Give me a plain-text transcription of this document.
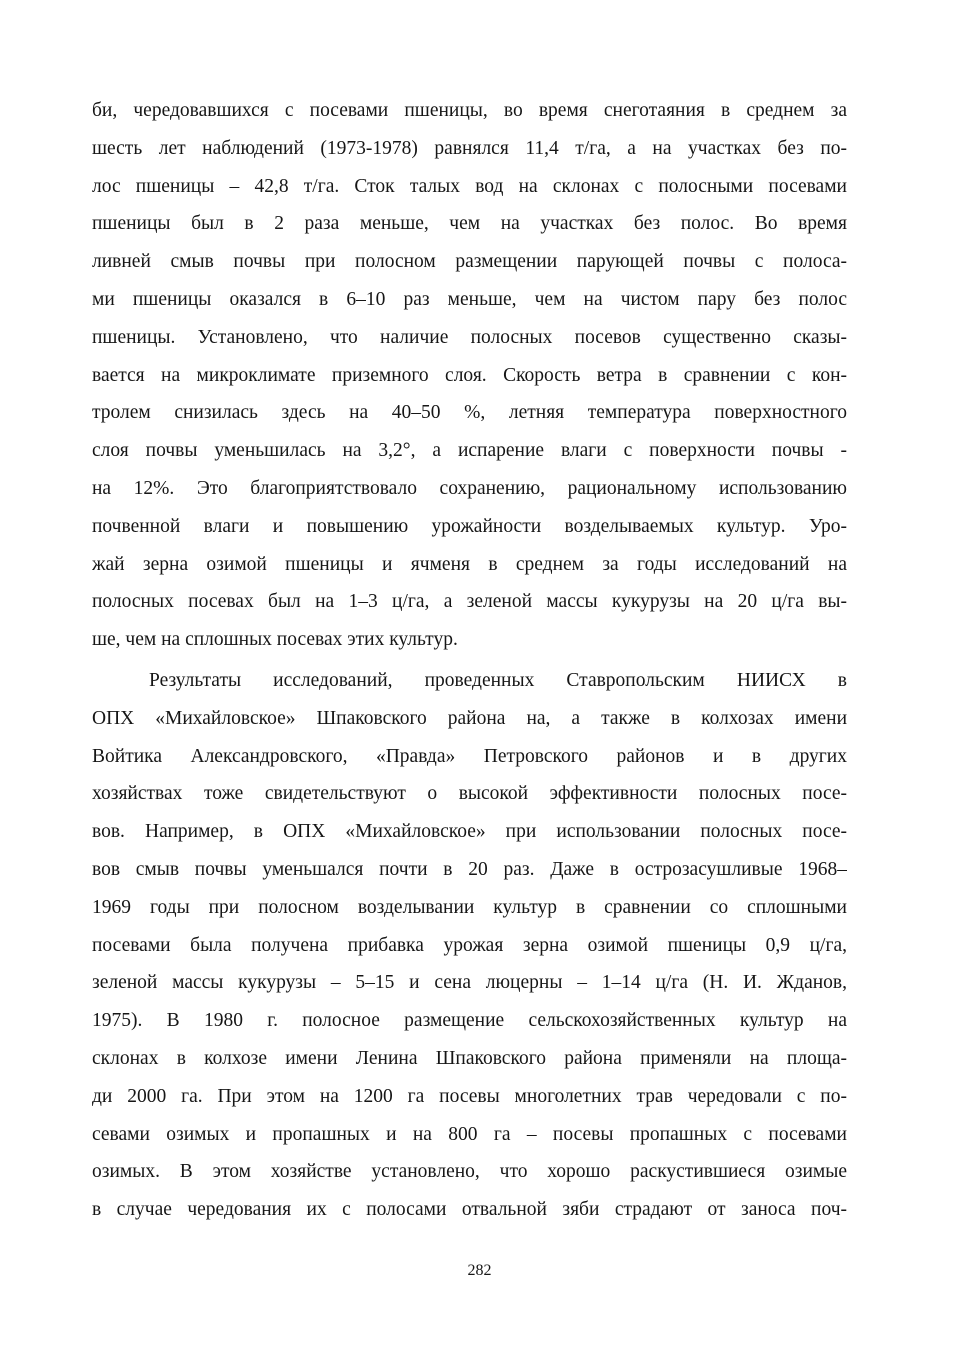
би, чередовавшихся с посевами пшеницы, во время снеготаяния в среднем за
шесть лет наблюдений (1973-1978) равнялся 11,4 т/га, а на участках без по-
лос пшеницы – 42,8 т/га. Сток талых вод на склонах с полосными посевами
пшеницы был в 2 раза меньше, чем на участках без полос. Во время
ливней смыв почвы при полосном размещении парующей почвы с полоса-
ми пшеницы оказался в 6–10 раз меньше, чем на чистом пару без полос
пшеницы. Установлено, что наличие полосных посевов существенно сказы-
вается на микроклимате приземного слоя. Скорость ветра в сравнении с кон-
тролем снизилась здесь на 40–50 %, летняя температура поверхностного
слоя почвы уменьшилась на 3,2°, а испарение влаги с поверхности почвы -
на 12%. Это благоприятствовало сохранению, рациональному использованию
почвенной влаги и повышению урожайности возделываемых культур. Уро-
жай зерна озимой пшеницы и ячменя в среднем за годы исследований на
полосных посевах был на 1–3 ц/га, а зеленой массы кукурузы на 20 ц/га вы-
ше, чем на сплошных посевах этих культур.
Результаты исследований, проведенных Ставропольским НИИСХ в
ОПХ «Михайловское» Шпаковского района на, а также в колхозах имени
Войтика Александровского, «Правда» Петровского районов и в других
хозяйствах тоже свидетельствуют о высокой эффективности полосных посе-
вов. Например, в ОПХ «Михайловское» при использовании полосных посе-
вов смыв почвы уменьшался почти в 20 раз. Даже в острозасушливые 1968–
1969 годы при полосном возделывании культур в сравнении со сплошными
посевами была получена прибавка урожая зерна озимой пшеницы 0,9 ц/га,
зеленой массы кукурузы – 5–15 и сена люцерны – 1–14 ц/га (Н. И. Жданов,
1975). В 1980 г. полосное размещение сельскохозяйственных культур на
склонах в колхозе имени Ленина Шпаковского района применяли на площа-
ди 2000 га. При этом на 1200 га посевы многолетних трав чередовали с по-
севами озимых и пропашных и на 800 га – посевы пропашных с посевами
озимых. В этом хозяйстве установлено, что хорошо раскустившиеся озимые
в случае чередования их с полосами отвальной зяби страдают от заноса поч-
282
